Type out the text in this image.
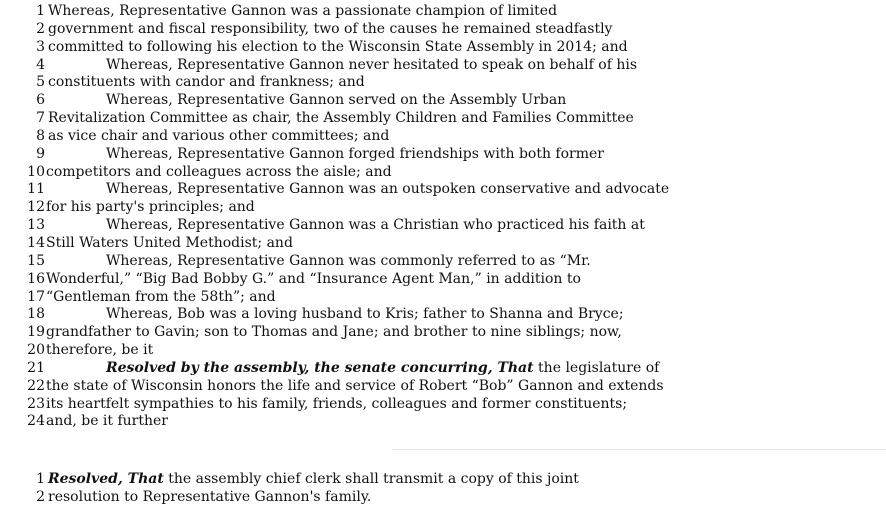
1 Whereas, Representative Gannon was a passionate champion of limited
2 government and fiscal responsibility, two of the causes he remained steadfastly
3 committed to following his election to the Wisconsin State Assembly in 2014; and
4	Whereas, Representative Gannon never hesitated to speak on behalf of his
5 constituents with candor and frankness; and
6	Whereas, Representative Gannon served on the Assembly Urban
7 Revitalization Committee as chair, the Assembly Children and Families Committee
8 as vice chair and various other committees; and
9	Whereas, Representative Gannon forged friendships with both former
10 competitors and colleagues across the aisle; and
11	Whereas, Representative Gannon was an outspoken conservative and advocate
12 for his party's principles; and
13	Whereas, Representative Gannon was a Christian who practiced his faith at
14 Still Waters United Methodist; and
15	Whereas, Representative Gannon was commonly referred to as “Mr.
16 Wonderful,” “Big Bad Bobby G.” and “Insurance Agent Man,” in addition to
17 “Gentleman from the 58th”; and
18	Whereas, Bob was a loving husband to Kris; father to Shanna and Bryce;
19 grandfather to Gavin; son to Thomas and Jane; and brother to nine siblings; now,
20 therefore, be it
21	Resolved by the assembly, the senate concurring, That the legislature of
22 the state of Wisconsin honors the life and service of Robert “Bob” Gannon and extends
23 its heartfelt sympathies to his family, friends, colleagues and former constituents;
24 and, be it further
1 Resolved, That the assembly chief clerk shall transmit a copy of this joint
2 resolution to Representative Gannon's family.
